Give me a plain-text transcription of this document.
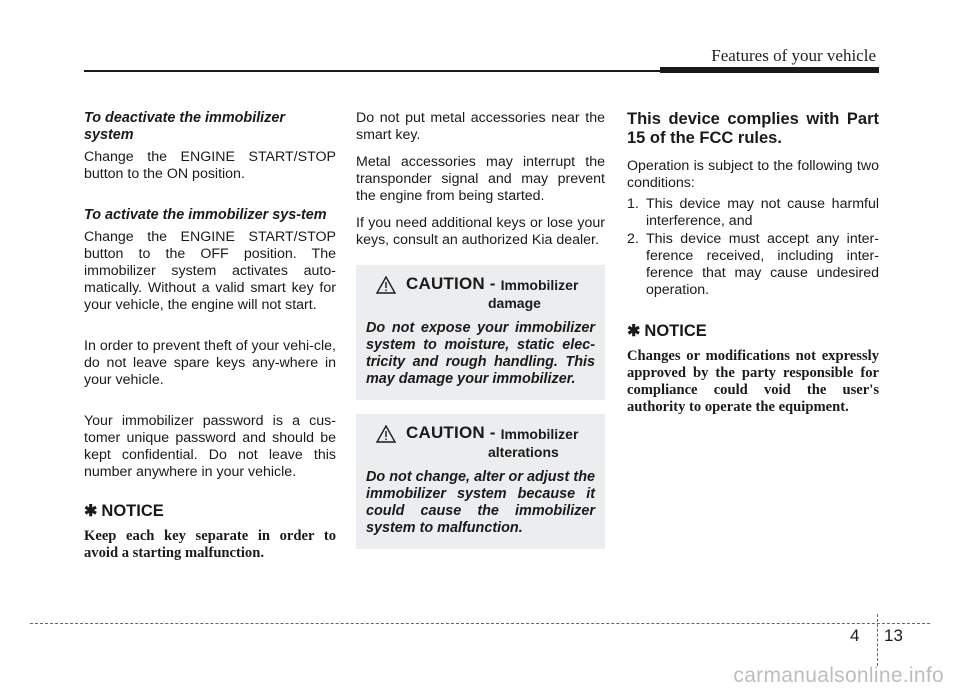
Features of your vehicle

To deactivate the immobilizer system

Change the ENGINE START/STOP button to the ON position.

To activate the immobilizer sys-tem

Change the ENGINE START/STOP button to the OFF position. The immobilizer system activates auto-matically. Without a valid smart key for your vehicle, the engine will not start.

In order to prevent theft of your vehi-cle, do not leave spare keys any-where in your vehicle.

Your immobilizer password is a cus-tomer unique password and should be kept confidential. Do not leave this number anywhere in your vehicle.

✱ NOTICE

Keep each key separate in order to avoid a starting malfunction.

Do not put metal accessories near the smart key.

Metal accessories may interrupt the transponder signal and may prevent the engine from being started.

If you need additional keys or lose your keys, consult an authorized Kia dealer.

CAUTION - Immobilizer
damage
Do not expose your immobilizer system to moisture, static elec-tricity and rough handling. This may damage your immobilizer.
CAUTION - Immobilizer
alterations
Do not change, alter or adjust the immobilizer system because it could cause the immobilizer system to malfunction.

This device complies with Part 15 of the FCC rules.

Operation is subject to the following two conditions:

1. This device may not cause harmful interference, and
2. This device must accept any inter-ference received, including inter-ference that may cause undesired operation.
✱ NOTICE

Changes or modifications not expressly approved by the party responsible for compliance could void the user's authority to operate the equipment.

4 13
carmanualsonline.info
